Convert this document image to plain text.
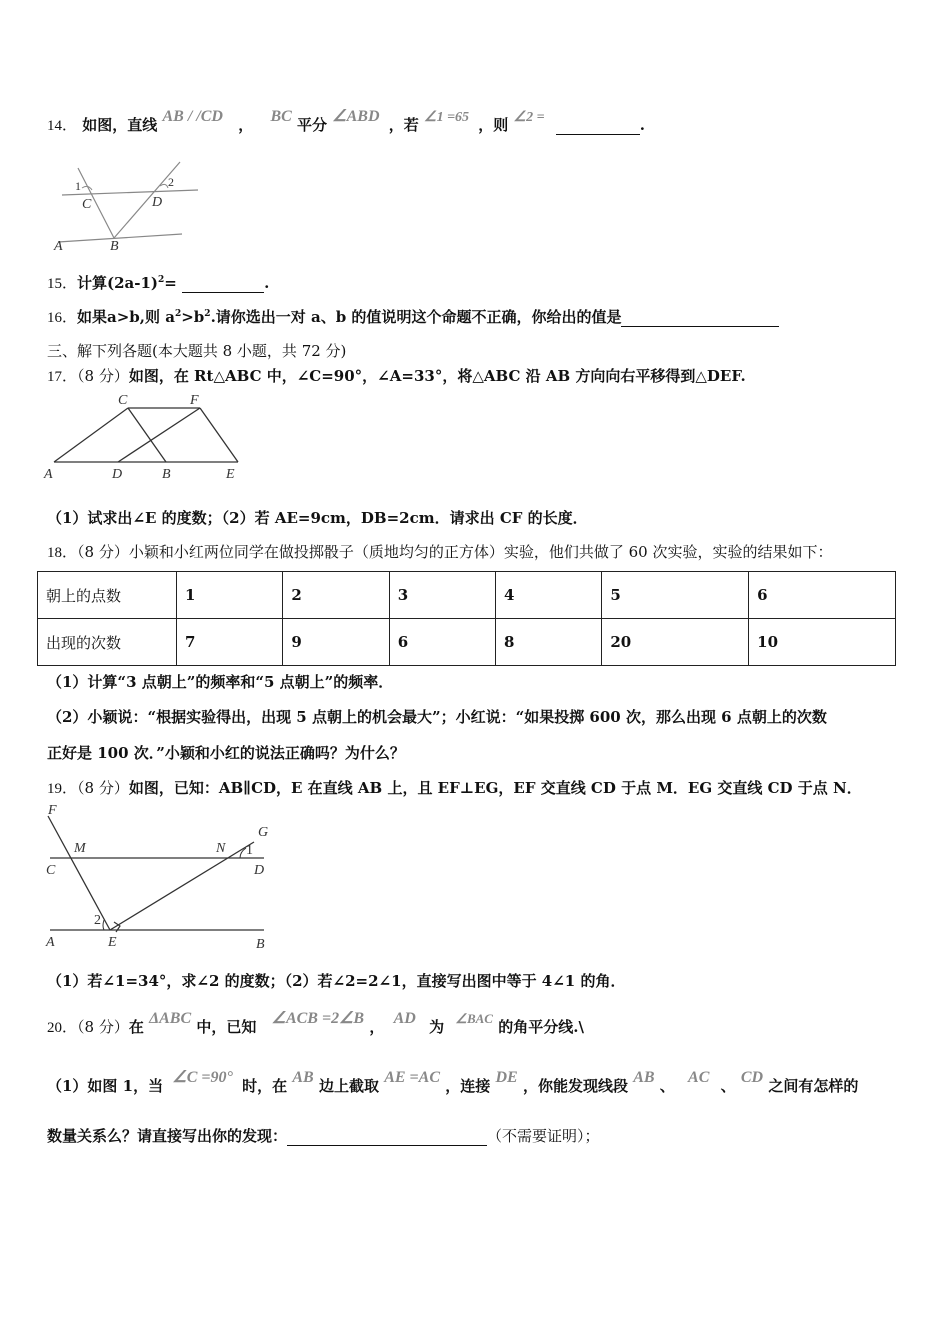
14． 如图，直线 AB / /CD ， BC 平分 ∠ABD ，若 ∠1 =65 ，则 ∠2 =	.
1	2
C	D
A	B
15．计算$(2a-1)^2=$	.
16．如果a>b,则 $a^2>b^2$.请你选出一对 a、b 的值说明这个命题不正确，你给出的值是
三、解下列各题(本大题共 8 小题，共 72 分)
17．（8 分）如图，在 Rt△ABC 中，∠C=90°，∠A=33°，将△ABC 沿 AB 方向向右平移得到△DEF.
C	F
A	D	B	E
（1）试求出∠E 的度数；（2）若 AE=9cm，DB=2cm．请求出 CF 的长度．
18．（8 分）小颖和小红两位同学在做投掷骰子（质地均匀的正方体）实验，他们共做了 60 次实验，实验的结果如下：
朝上的点数	1	2	3	4	5	6
出现的次数	7	9	6	8	20	10
（1）计算“3 点朝上”的频率和“5 点朝上”的频率．
（2）小颖说：“根据实验得出，出现 5 点朝上的机会最大”；小红说：“如果投掷 600 次，那么出现 6 点朝上的次数
正好是 100 次．”小颖和小红的说法正确吗？为什么？
19．（8 分）如图，已知：AB∥CD，E 在直线 AB 上，且 EF⊥EG，EF 交直线 CD 于点 M．EG 交直线 CD 于点 N．
F
M	N
G
1
C	D
2
A	E	B
（1）若∠1=34°，求∠2 的度数；（2）若∠2=2∠1，直接写出图中等于 4∠1 的角．
20．（8 分）在 ΔABC 中，已知 ∠ACB =2∠B ， AD 为 ∠BAC 的角平分线.\
（1）如图 1，当 ∠C =90° 时，在 AB 边上截取 AE =AC ，连接 DE ，你能发现线段 AB 、 AC 、 CD 之间有怎样的
数量关系么？请直接写出你的发现：	（不需要证明）；
